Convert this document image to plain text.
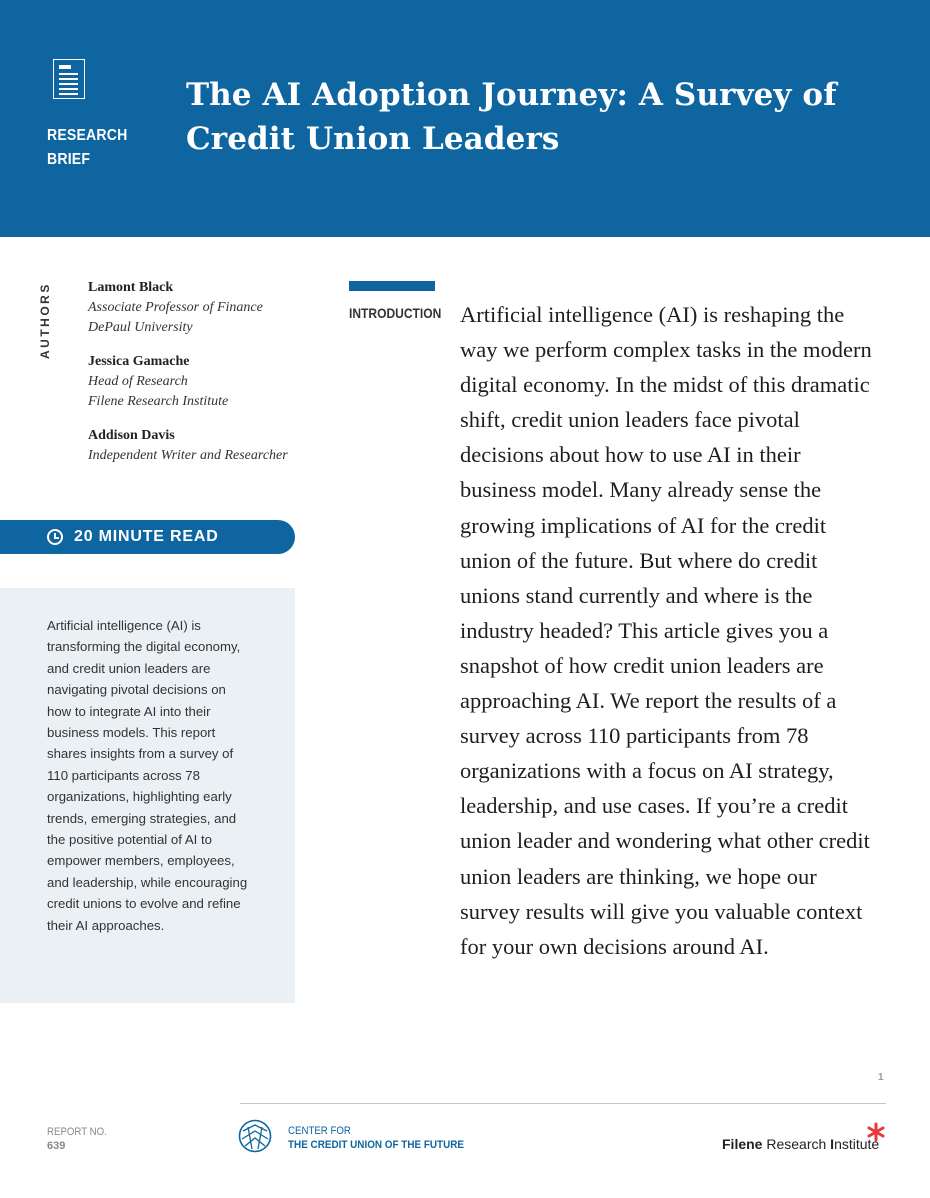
RESEARCH
BRIEF
The AI Adoption Journey: A Survey of Credit Union Leaders
AUTHORS	Lamont Black
Associate Professor of Finance
DePaul University
Jessica Gamache
Head of Research
Filene Research Institute
Addison Davis
Independent Writer and Researcher
20 MINUTE READ

Artificial intelligence (AI) is transforming the digital economy, and credit union leaders are navigating pivotal decisions on how to integrate AI into their business models. This report shares insights from a survey of 110 participants across 78 organizations, highlighting early trends, emerging strategies, and the positive potential of AI to empower members, employees, and leadership, while encouraging credit unions to evolve and refine their AI approaches.

INTRODUCTION Artificial intelligence (AI) is reshaping the way we perform complex tasks in the modern digital economy. In the midst of this dramatic shift, credit union leaders face pivotal decisions about how to use AI in their business model. Many already sense the growing implications of AI for the credit union of the future. But where do credit unions stand currently and where is the industry headed? This article gives you a snapshot of how credit union leaders are approaching AI. We report the results of a survey across 110 participants from 78 organizations with a focus on AI strategy, leadership, and use cases. If you’re a credit union leader and wondering what other credit union leaders are thinking, we hope our survey results will give you valuable context for your own decisions around AI.

1
REPORT NO.
639
CENTER FOR
THE CREDIT UNION OF THE FUTURE	Filene Research Institute
